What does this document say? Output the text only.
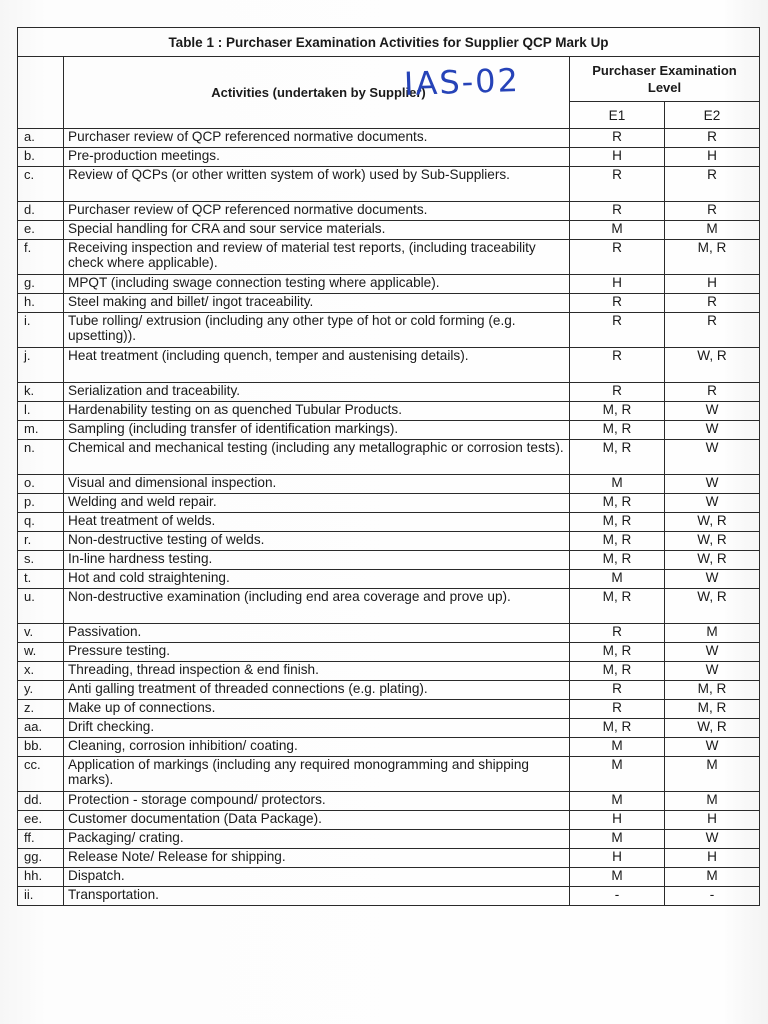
Table 1 : Purchaser Examination Activities for Supplier QCP Mark Up			
	Activities (undertaken by Supplier)
IAS-02	Purchaser Examination Level	
		E1	E2
a.	Purchaser review of QCP referenced normative documents.	R	R
b.	Pre-production meetings.	H	H
c.	Review of QCPs (or other written system of work) used by Sub-Suppliers.	R	R
d.	Purchaser review of QCP referenced normative documents.	R	R
e.	Special handling for CRA and sour service materials.	M	M
f.	Receiving inspection and review of material test reports, (including traceability check where applicable).	R	M, R
g.	MPQT (including swage connection testing where applicable).	H	H
h.	Steel making and billet/ ingot traceability.	R	R
i.	Tube rolling/ extrusion (including any other type of hot or cold forming (e.g. upsetting)).	R	R
j.	Heat treatment (including quench, temper and austenising details).	R	W, R
k.	Serialization and traceability.	R	R
l.	Hardenability testing on as quenched Tubular Products.	M, R	W
m.	Sampling (including transfer of identification markings).	M, R	W
n.	Chemical and mechanical testing (including any metallographic or corrosion tests).	M, R	W
o.	Visual and dimensional inspection.	M	W
p.	Welding and weld repair.	M, R	W
q.	Heat treatment of welds.	M, R	W, R
r.	Non-destructive testing of welds.	M, R	W, R
s.	In-line hardness testing.	M, R	W, R
t.	Hot and cold straightening.	M	W
u.	Non-destructive examination (including end area coverage and prove up).	M, R	W, R
v.	Passivation.	R	M
w.	Pressure testing.	M, R	W
x.	Threading, thread inspection & end finish.	M, R	W
y.	Anti galling treatment of threaded connections (e.g. plating).	R	M, R
z.	Make up of connections.	R	M, R
aa.	Drift checking.	M, R	W, R
bb.	Cleaning, corrosion inhibition/ coating.	M	W
cc.	Application of markings (including any required monogramming and shipping marks).	M	M
dd.	Protection - storage compound/ protectors.	M	M
ee.	Customer documentation (Data Package).	H	H
ff.	Packaging/ crating.	M	W
gg.	Release Note/ Release for shipping.	H	H
hh.	Dispatch.	M	M
ii.	Transportation.	-	-
